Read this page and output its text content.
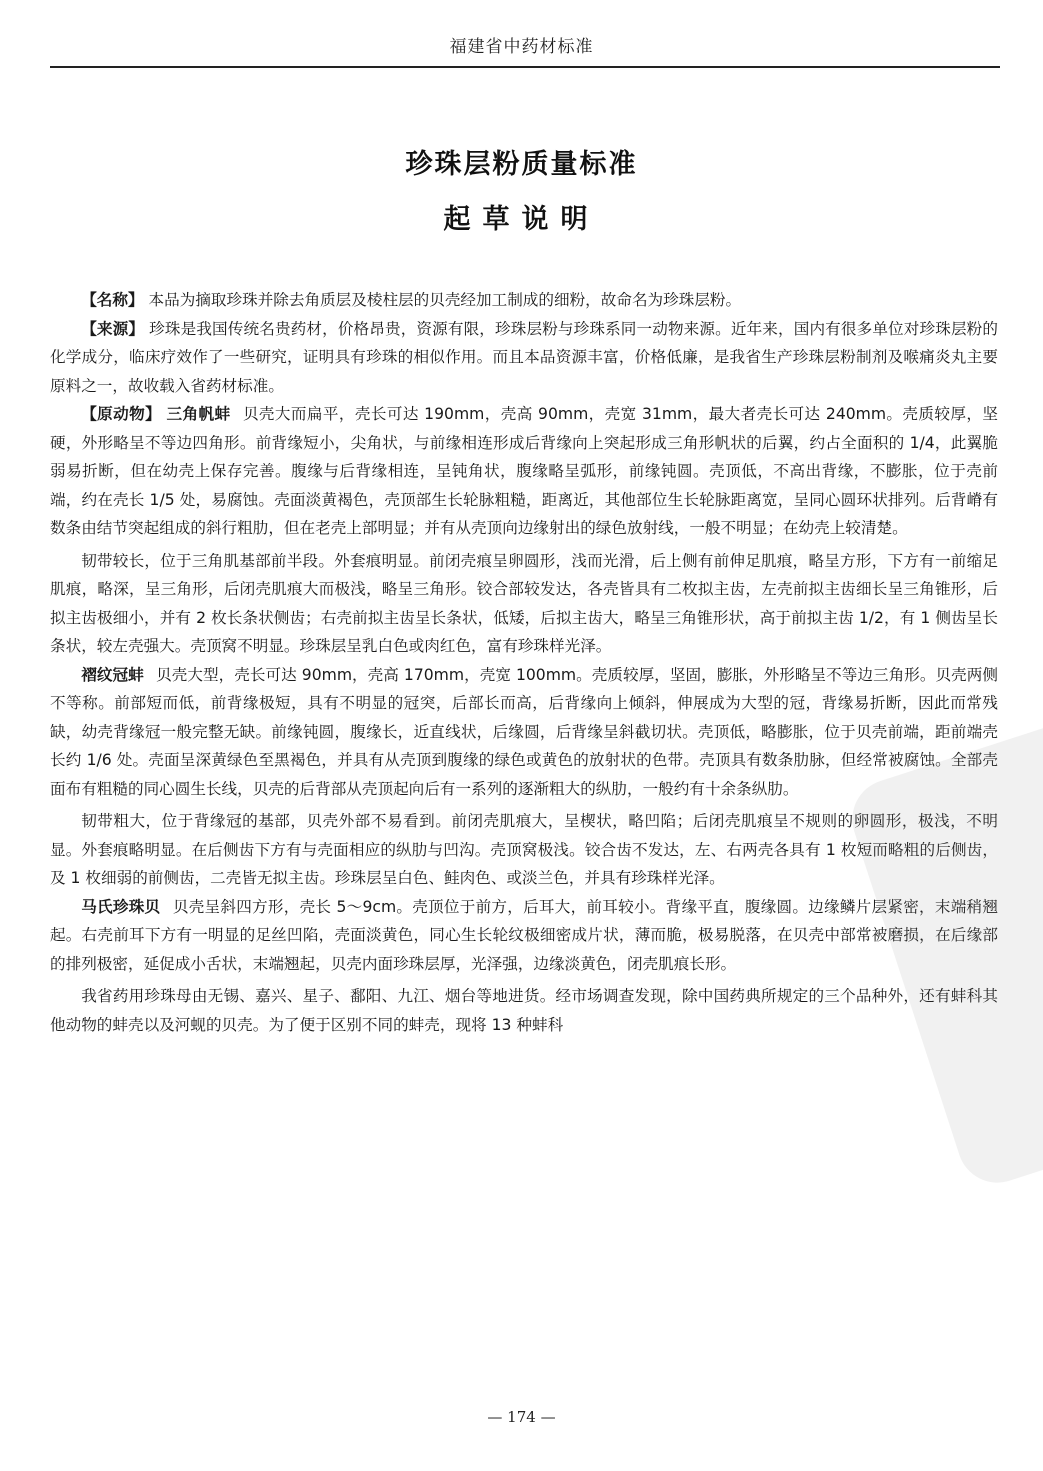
福建省中药材标准
珍珠层粉质量标准
起草说明

【名称】 本品为摘取珍珠并除去角质层及棱柱层的贝壳经加工制成的细粉，故命名为珍珠层粉。

【来源】 珍珠是我国传统名贵药材，价格昂贵，资源有限，珍珠层粉与珍珠系同一动物来源。近年来，国内有很多单位对珍珠层粉的化学成分，临床疗效作了一些研究，证明具有珍珠的相似作用。而且本品资源丰富，价格低廉，是我省生产珍珠层粉制剂及喉痛炎丸主要原料之一，故收载入省药材标准。

【原动物】 三角帆蚌 贝壳大而扁平，壳长可达 190mm，壳高 90mm，壳宽 31mm，最大者壳长可达 240mm。壳质较厚，坚硬，外形略呈不等边四角形。前背缘短小，尖角状，与前缘相连形成后背缘向上突起形成三角形帆状的后翼，约占全面积的 1/4，此翼脆弱易折断，但在幼壳上保存完善。腹缘与后背缘相连，呈钝角状，腹缘略呈弧形，前缘钝圆。壳顶低，不高出背缘，不膨胀，位于壳前端，约在壳长 1/5 处，易腐蚀。壳面淡黄褐色，壳顶部生长轮脉粗糙，距离近，其他部位生长轮脉距离宽，呈同心圆环状排列。后背嵴有数条由结节突起组成的斜行粗肋，但在老壳上部明显；并有从壳顶向边缘射出的绿色放射线，一般不明显；在幼壳上较清楚。

韧带较长，位于三角肌基部前半段。外套痕明显。前闭壳痕呈卵圆形，浅而光滑，后上侧有前伸足肌痕，略呈方形，下方有一前缩足肌痕，略深，呈三角形，后闭壳肌痕大而极浅，略呈三角形。铰合部较发达，各壳皆具有二枚拟主齿，左壳前拟主齿细长呈三角锥形，后拟主齿极细小，并有 2 枚长条状侧齿；右壳前拟主齿呈长条状，低矮，后拟主齿大，略呈三角锥形状，高于前拟主齿 1/2，有 1 侧齿呈长条状，较左壳强大。壳顶窝不明显。珍珠层呈乳白色或肉红色，富有珍珠样光泽。

褶纹冠蚌 贝壳大型，壳长可达 90mm，壳高 170mm，壳宽 100mm。壳质较厚，坚固，膨胀，外形略呈不等边三角形。贝壳两侧不等称。前部短而低，前背缘极短，具有不明显的冠突，后部长而高，后背缘向上倾斜，伸展成为大型的冠，背缘易折断，因此而常残缺，幼壳背缘冠一般完整无缺。前缘钝圆，腹缘长，近直线状，后缘圆，后背缘呈斜截切状。壳顶低，略膨胀，位于贝壳前端，距前端壳长约 1/6 处。壳面呈深黄绿色至黑褐色，并具有从壳顶到腹缘的绿色或黄色的放射状的色带。壳顶具有数条肋脉，但经常被腐蚀。全部壳面布有粗糙的同心圆生长线，贝壳的后背部从壳顶起向后有一系列的逐渐粗大的纵肋，一般约有十余条纵肋。

韧带粗大，位于背缘冠的基部，贝壳外部不易看到。前闭壳肌痕大，呈楔状，略凹陷；后闭壳肌痕呈不规则的卵圆形，极浅，不明显。外套痕略明显。在后侧齿下方有与壳面相应的纵肋与凹沟。壳顶窝极浅。铰合齿不发达，左、右两壳各具有 1 枚短而略粗的后侧齿，及 1 枚细弱的前侧齿，二壳皆无拟主齿。珍珠层呈白色、鲑肉色、或淡兰色，并具有珍珠样光泽。

马氏珍珠贝 贝壳呈斜四方形，壳长 5～9cm。壳顶位于前方，后耳大，前耳较小。背缘平直，腹缘圆。边缘鳞片层紧密，末端稍翘起。右壳前耳下方有一明显的足丝凹陷，壳面淡黄色，同心生长轮纹极细密成片状，薄而脆，极易脱落，在贝壳中部常被磨损，在后缘部的排列极密，延促成小舌状，末端翘起，贝壳内面珍珠层厚，光泽强，边缘淡黄色，闭壳肌痕长形。

我省药用珍珠母由无锡、嘉兴、星子、鄱阳、九江、烟台等地进货。经市场调查发现，除中国药典所规定的三个品种外，还有蚌科其他动物的蚌壳以及河蚬的贝壳。为了便于区别不同的蚌壳，现将 13 种蚌科

— 174 —
